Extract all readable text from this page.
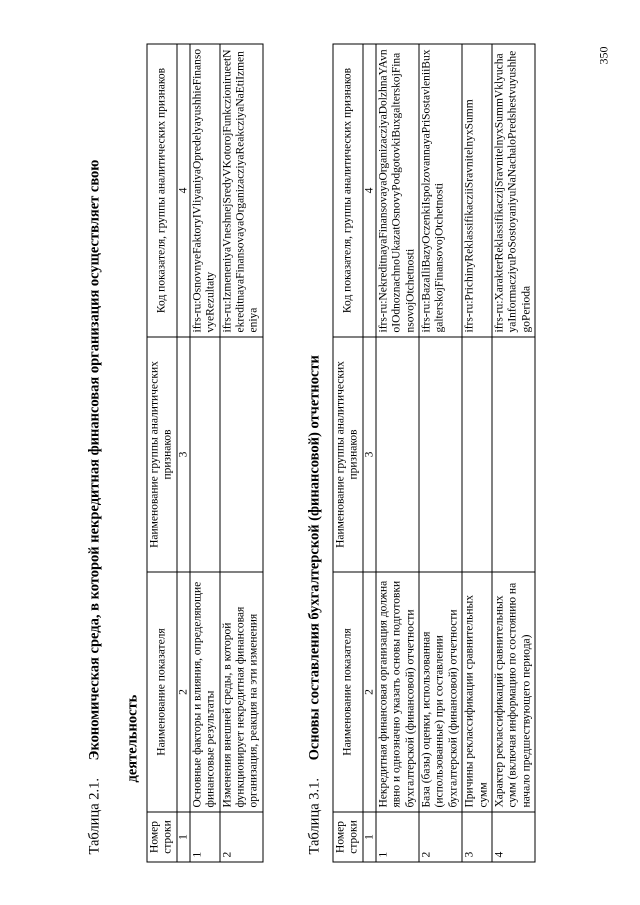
Таблица 2.1. Экономическая среда, в которой некредитная финансовая организация осуществляет свою деятельность
Номер строки	Наименование показателя	Наименование группы аналитических признаков	Код показателя, группы аналитических признаков
1	2	3	4
1	Основные факторы и влияния, определяющие финансовые результаты		ifrs-ru:OsnovnyeFaktoryIVliyaniyaOpredelyayushhieFinansovyeRezultaty
2	Изменения внешней среды, в которой функционирует некредитная финансовая организация, реакция на эти изменения		ifrs-ru:IzmeneniyaVneshnejSredyVKotorojFunkczionirueetNekreditnayaFinansovayaOrganizacziyaReakcziyaNaEtiIzmeneniya
Таблица 3.1. Основы составления бухгалтерской (финансовой) отчетности
Номер строки	Наименование показателя	Наименование группы аналитических признаков	Код показателя, группы аналитических признаков
1	2	3	4
1	Некредитная финансовая организация должна явно и однозначно указать основы подготовки бухгалтерской (финансовой) отчетности		ifrs-ru:NekreditnayaFinansovayaOrganizacziyaDolzhnaYAvnoIOdnoznachnoUkazatOsnovyPodgotovkiBuxgalterskojFinansovojOtchetnosti
2	База (базы) оценки, использованная (использованные) при составлении бухгалтерской (финансовой) отчетности		ifrs-ru:BazaIliBazyOczenkiIspolzovannayaPriSostavleniiBuxgalterskojFinansovojOtchetnosti
3	Причины реклассификации сравнительных сумм		ifrs-ru:PrichinyReklassifikacziiSravnitelnyxSumm
4	Характер реклассификаций сравнительных сумм (включая информацию по состоянию на начало предшествующего периода)		ifrs-ru:XarakterReklassifikaczijSravnitelnyxSummVklyuchayaInformacziyuPoSostoyaniyuNaNachaloPredshestvuyushhegoPerioda
350
